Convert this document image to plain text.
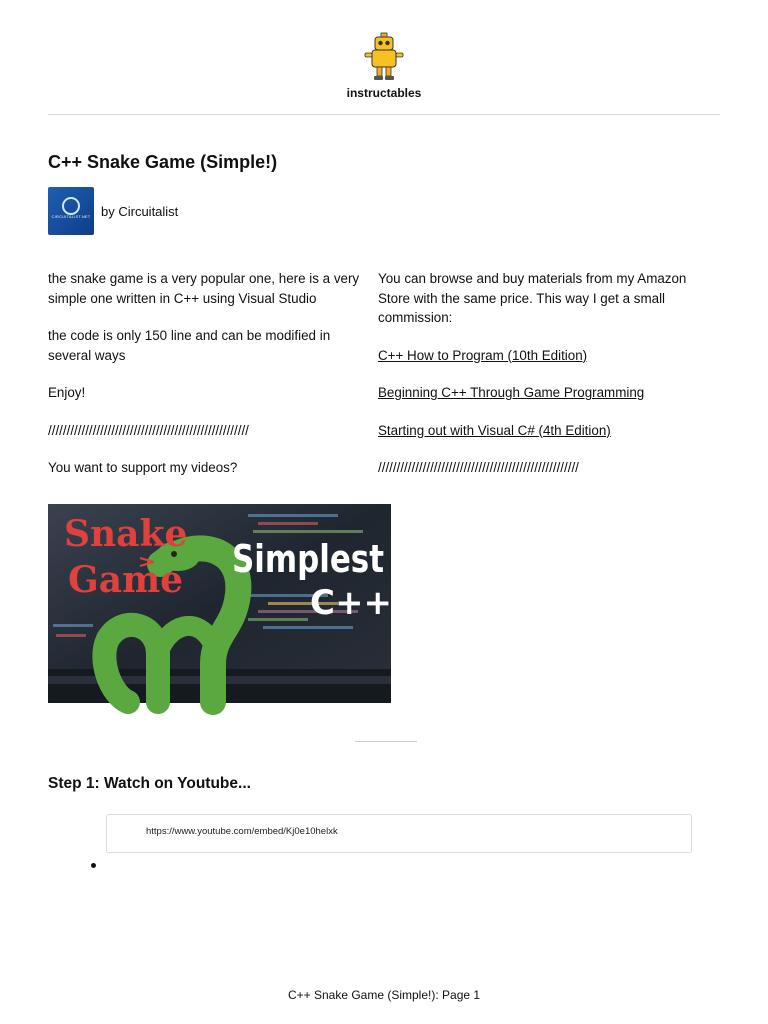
instructables
C++ Snake Game (Simple!)
CIRCUITALIST.NET by Circuitalist

the snake game is a very popular one, here is a very simple one written in C++ using Visual Studio

the code is only 150 line and can be modified in several ways

Enjoy!

//////////////////////////////////////////////////////

You want to support my videos?

You can browse and buy materials from my Amazon Store with the same price. This way I get a small commission:

C++ How to Program (10th Edition)

Beginning C++ Through Game Programming

Starting out with Visual C# (4th Edition)

//////////////////////////////////////////////////////

Snake
Game Simplest
C++
Step 1: Watch on Youtube...
https://www.youtube.com/embed/Kj0e10helxk
C++ Snake Game (Simple!): Page 1
